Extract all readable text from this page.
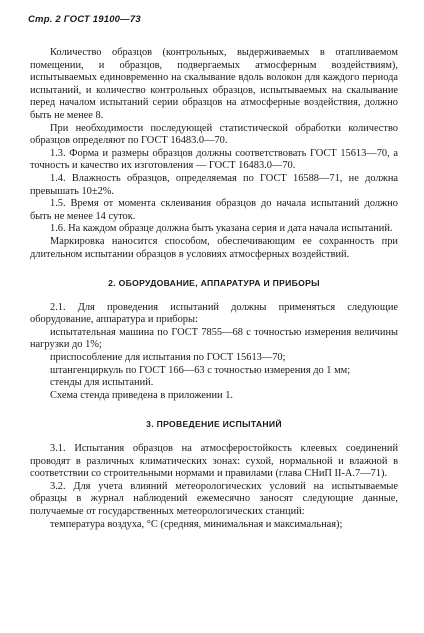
Стр. 2 ГОСТ 19100—73

Количество образцов (контрольных, выдерживаемых в отапливаемом помещении, и образцов, подвергаемых атмосферным воздействиям), испытываемых единовременно на скалывание вдоль волокон для каждого периода испытаний, и количество контрольных образцов, испытываемых на скалывание перед началом испытаний серии образцов на атмосферные воздействия, должно быть не менее 8.

При необходимости последующей статистической обработки количество образцов определяют по ГОСТ 16483.0—70.

1.3. Форма и размеры образцов должны соответствовать ГОСТ 15613—70, а точность и качество их изготовления — ГОСТ 16483.0—70.

1.4. Влажность образцов, определяемая по ГОСТ 16588—71, не должна превышать 10±2%.

1.5. Время от момента склеивания образцов до начала испытаний должно быть не менее 14 суток.

1.6. На каждом образце должна быть указана серия и дата начала испытаний.

Маркировка наносится способом, обеспечивающим ее сохранность при длительном испытании образцов в условиях атмосферных воздействий.

2. ОБОРУДОВАНИЕ, АППАРАТУРА И ПРИБОРЫ

2.1. Для проведения испытаний должны применяться следующие оборудование, аппаратура и приборы:

испытательная машина по ГОСТ 7855—68 с точностью измерения величины нагрузки до 1%;

приспособление для испытания по ГОСТ 15613—70;

штангенциркуль по ГОСТ 166—63 с точностью измерения до 1 мм;

стенды для испытаний.

Схема стенда приведена в приложении 1.

3. ПРОВЕДЕНИЕ ИСПЫТАНИЙ

3.1. Испытания образцов на атмосферостойкость клеевых соединений проводят в различных климатических зонах: сухой, нормальной и влажной в соответствии со строительными нормами и правилами (глава СНиП II-А.7—71).

3.2. Для учета влияний метеорологических условий на испытываемые образцы в журнал наблюдений ежемесячно заносят следующие данные, получаемые от государственных метеорологических станций:

температура воздуха, °С (средняя, минимальная и максимальная);
